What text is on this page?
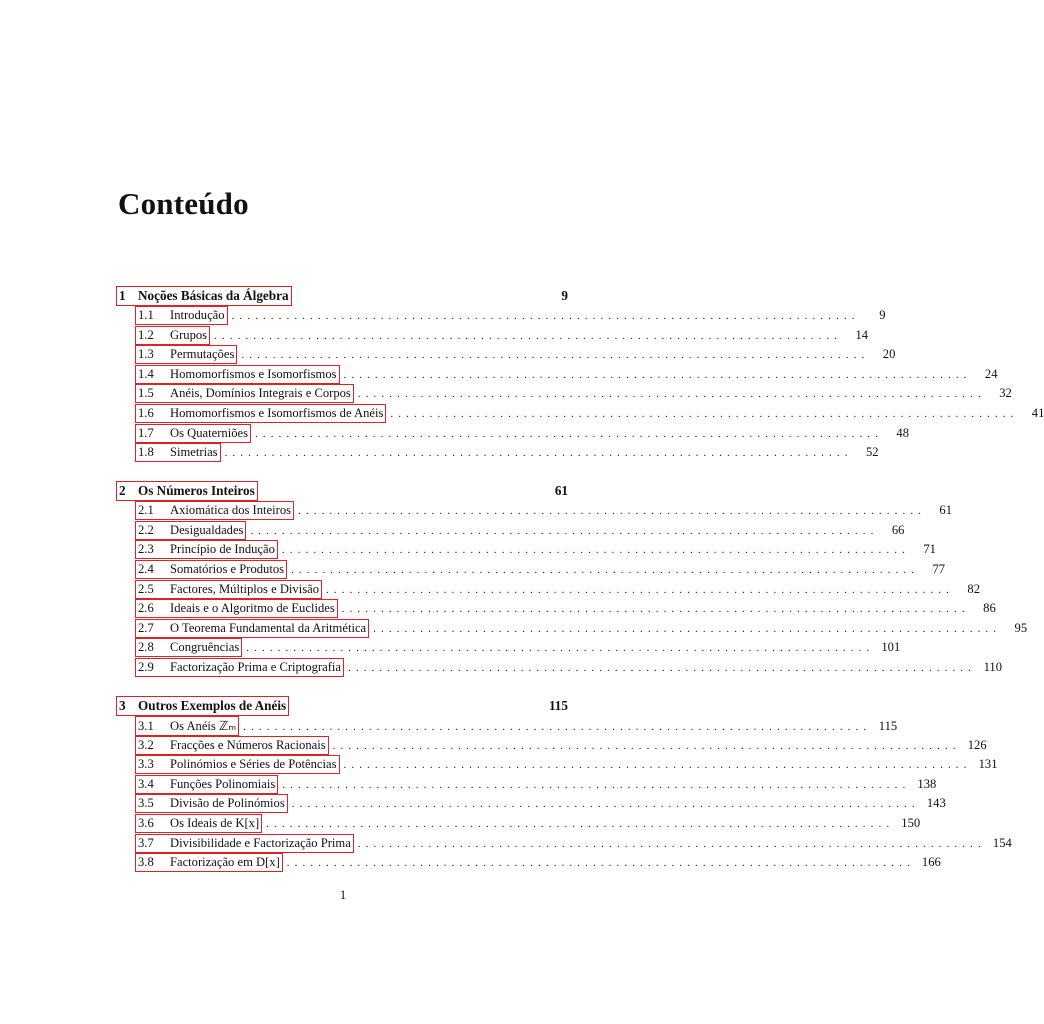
Conteúdo
1 Noções Básicas da Álgebra	9
1.1	Introdução ................................................................................	9
1.2	Grupos ................................................................................	14
1.3	Permutações ................................................................................	20
1.4	Homomorfismos e Isomorfismos ................................................................................	24
1.5	Anéis, Domínios Integrais e Corpos ................................................................................	32
1.6	Homomorfismos e Isomorfismos de Anéis ................................................................................	41
1.7	Os Quaterniões ................................................................................	48
1.8	Simetrias ................................................................................	52
2 Os Números Inteiros	61
2.1	Axiomática dos Inteiros ................................................................................	61
2.2	Desigualdades ................................................................................	66
2.3	Princípio de Indução ................................................................................	71
2.4	Somatórios e Produtos ................................................................................	77
2.5	Factores, Múltiplos e Divisão ................................................................................	82
2.6	Ideais e o Algoritmo de Euclides ................................................................................	86
2.7	O Teorema Fundamental da Aritmética ................................................................................	95
2.8	Congruências ................................................................................ 101
2.9	Factorização Prima e Criptografia ................................................................................ 110
3 Outros Exemplos de Anéis	115
3.1	Os Anéis ℤₘ ................................................................................ 115
3.2	Fracções e Números Racionais ................................................................................ 126
3.3	Polinómios e Séries de Potências ................................................................................ 131
3.4	Funções Polinomiais ................................................................................ 138
3.5	Divisão de Polinómios ................................................................................ 143
3.6	Os Ideais de K[x] ................................................................................ 150
3.7	Divisibilidade e Factorização Prima ................................................................................ 154
3.8	Factorização em D[x] ................................................................................ 166
1
